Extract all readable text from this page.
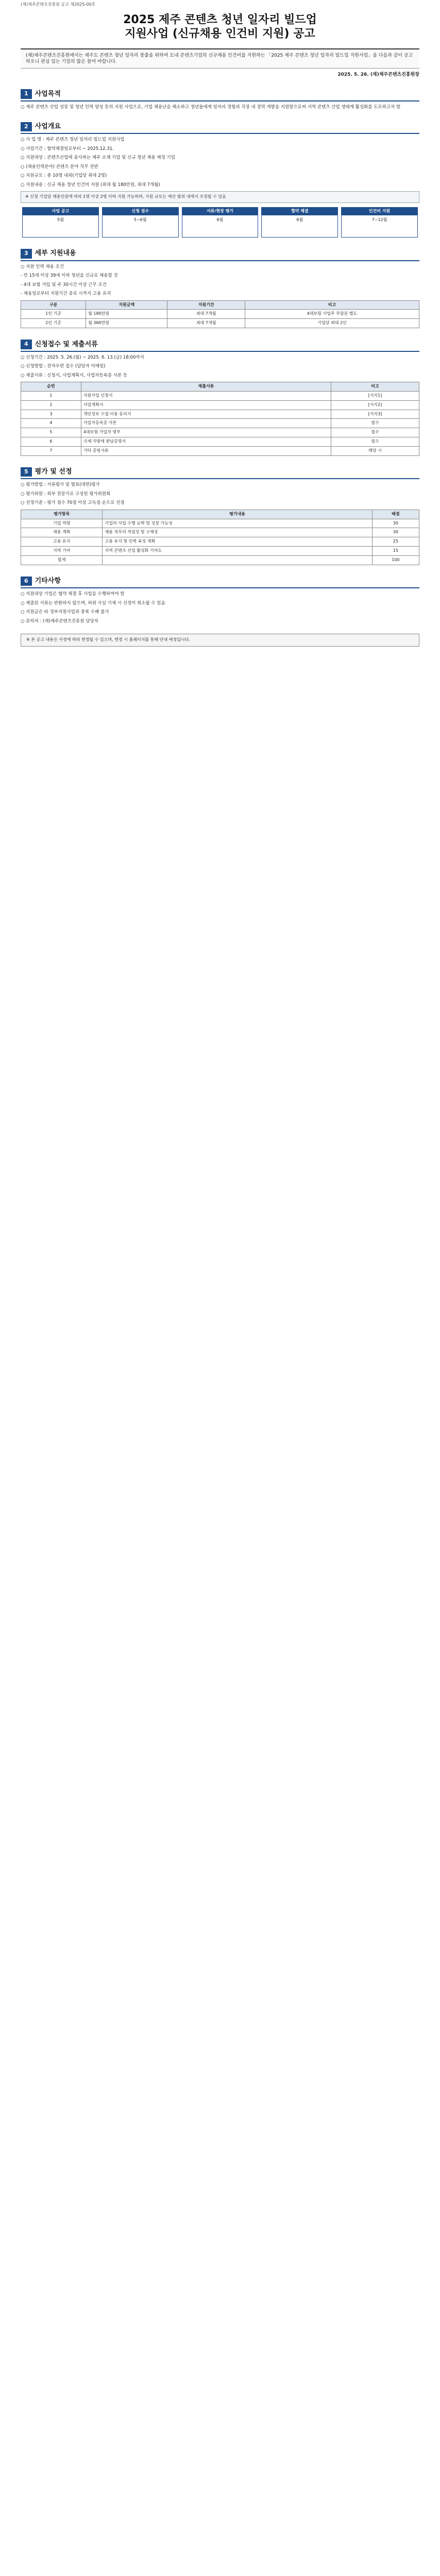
(재)제주콘텐츠진흥원 공고 제2025-00호
2025 제주 콘텐츠 청년 일자리 빌드업
지원사업 (신규채용 인건비 지원) 공고
(재)제주콘텐츠진흥원에서는 제주도 콘텐츠 청년 일자리 창출을 위하여 도내 콘텐츠기업의 신규채용 인건비를 지원하는 「2025 제주 콘텐츠 청년 일자리 빌드업 지원사업」을 다음과 같이 공고하오니 관심 있는 기업의 많은 참여 바랍니다.
2025. 5. 26. (재)제주콘텐츠진흥원장
1	사업목적
○ 제주 콘텐츠 산업 성장 및 청년 인력 양성 등의 지원 사업으로, 기업 채용난을 해소하고 청년들에게 일자리 경험과 직장 내 경력 개발을 지원함으로써 지역 콘텐츠 산업 생태계 활성화를 도모하고자 함
2	사업개요
○ 사 업 명 : 제주 콘텐츠 청년 일자리 빌드업 지원사업
○ 사업기간 : 협약체결일로부터 ~ 2025.12.31.
○ 지원대상 : 콘텐츠산업에 종사하는 제주 소재 기업 및 신규 청년 채용 예정 기업
○ (채용인력분야) 콘텐츠 분야 직무 전반
○ 지원규모 : 총 10명 내외(기업당 최대 2명)
○ 지원내용 : 신규 채용 청년 인건비 지원 (최대 월 180만원, 최대 7개월)
※ 신청 기업당 채용인원에 따라 1명 이상 2명 이하 지원 가능하며, 지원 규모는 예산 범위 내에서 조정될 수 있음
사업 공고
5월
신청 접수
5~6월
서류/현장 평가
6월
협약 체결
6월
인건비 지원
7~12월
3	세부 지원내용
○ 지원 인력 채용 조건
- 만 15세 이상 39세 이하 청년을 신규로 채용할 것
- 4대 보험 가입 및 주 30시간 이상 근무 조건
- 채용일로부터 지원기간 종료 시까지 고용 유지
구분	지원금액	지원기간	비고
1인 기준	월 180만원	최대 7개월	4대보험 사업주 부담분 별도
2인 기준	월 360만원	최대 7개월	기업당 최대 2인
4	신청접수 및 제출서류
○ 신청기간 : 2025. 5. 26.(월) ~ 2025. 6. 13.(금) 18:00까지
○ 신청방법 : 전자우편 접수 (담당자 이메일)
○ 제출서류 : 신청서, 사업계획서, 사업자등록증 사본 등
순번	제출서류	비고
1	지원사업 신청서	[서식1]
2	사업계획서	[서식2]
3	개인정보 수집·이용 동의서	[서식3]
4	사업자등록증 사본	필수
5	4대보험 가입자 명부	필수
6	국세·지방세 완납증명서	필수
7	기타 증빙서류	해당 시
5	평가 및 선정
○ 평가방법 : 서류평가 및 발표(대면)평가
○ 평가위원 : 외부 전문가로 구성된 평가위원회
○ 선정기준 : 평가 점수 70점 이상 고득점 순으로 선정
평가항목	평가내용	배점
기업 역량	기업의 사업 수행 능력 및 성장 가능성	30
채용 계획	채용 직무의 적절성 및 구체성	30
고용 유지	고용 유지 및 인력 육성 계획	25
지역 기여	지역 콘텐츠 산업 활성화 기여도	15
합계		100
6	기타사항
○ 지원대상 기업은 협약 체결 후 사업을 수행하여야 함
○ 제출된 서류는 반환하지 않으며, 허위 사실 기재 시 선정이 취소될 수 있음
○ 지원금은 타 정부지원사업과 중복 수혜 불가
○ 문의처 : (재)제주콘텐츠진흥원 담당자
※ 본 공고 내용은 사정에 따라 변경될 수 있으며, 변경 시 홈페이지를 통해 안내 예정입니다.
